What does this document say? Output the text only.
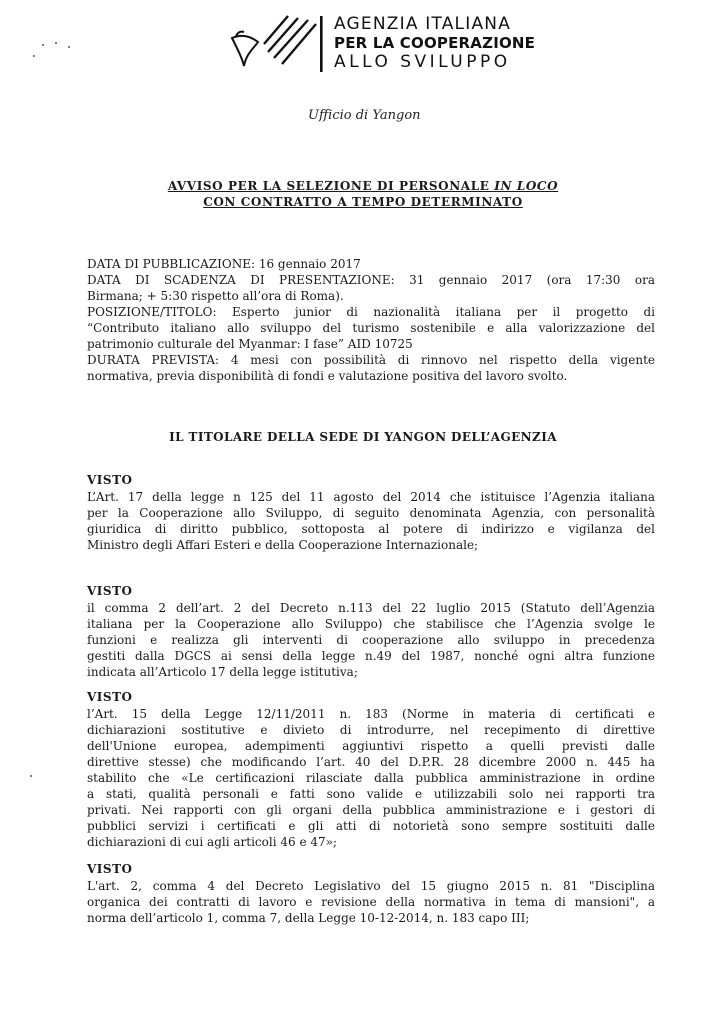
AGENZIA ITALIANA
PER LA COOPERAZIONE
ALLO SVILUPPO
Ufficio di Yangon
AVVISO PER LA SELEZIONE DI PERSONALE IN LOCO
CON CONTRATTO A TEMPO DETERMINATO
DATA DI PUBBLICAZIONE: 16 gennaio 2017
DATA DI SCADENZA DI PRESENTAZIONE: 31 gennaio 2017 (ora 17:30 ora
Birmana; + 5:30 rispetto all’ora di Roma).
POSIZIONE/TITOLO: Esperto junior di nazionalità italiana per il progetto di
“Contributo italiano allo sviluppo del turismo sostenibile e alla valorizzazione del
patrimonio culturale del Myanmar: I fase” AID 10725
DURATA PREVISTA: 4 mesi con possibilità di rinnovo nel rispetto della vigente
normativa, previa disponibilità di fondi e valutazione positiva del lavoro svolto.
IL TITOLARE DELLA SEDE DI YANGON DELL’AGENZIA
VISTO
L’Art. 17 della legge n 125 del 11 agosto del 2014 che istituisce l’Agenzia italiana
per la Cooperazione allo Sviluppo, di seguito denominata Agenzia, con personalità
giuridica di diritto pubblico, sottoposta al potere di indirizzo e vigilanza del
Ministro degli Affari Esteri e della Cooperazione Internazionale;
VISTO
il comma 2 dell’art. 2 del Decreto n.113 del 22 luglio 2015 (Statuto dell’Agenzia
italiana per la Cooperazione allo Sviluppo) che stabilisce che l’Agenzia svolge le
funzioni e realizza gli interventi di cooperazione allo sviluppo in precedenza
gestiti dalla DGCS ai sensi della legge n.49 del 1987, nonché ogni altra funzione
indicata all’Articolo 17 della legge istitutiva;
VISTO
l’Art. 15 della Legge 12/11/2011 n. 183 (Norme in materia di certificati e
dichiarazioni sostitutive e divieto di introdurre, nel recepimento di direttive
dell'Unione europea, adempimenti aggiuntivi rispetto a quelli previsti dalle
direttive stesse) che modificando l’art. 40 del D.P.R. 28 dicembre 2000 n. 445 ha
stabilito che «Le certificazioni rilasciate dalla pubblica amministrazione in ordine
a stati, qualità personali e fatti sono valide e utilizzabili solo nei rapporti tra
privati. Nei rapporti con gli organi della pubblica amministrazione e i gestori di
pubblici servizi i certificati e gli atti di notorietà sono sempre sostituiti dalle
dichiarazioni di cui agli articoli 46 e 47»;
VISTO
L'art. 2, comma 4 del Decreto Legislativo del 15 giugno 2015 n. 81 "Disciplina
organica dei contratti di lavoro e revisione della normativa in tema di mansioni", a
norma dell’articolo 1, comma 7, della Legge 10-12-2014, n. 183 capo III;
